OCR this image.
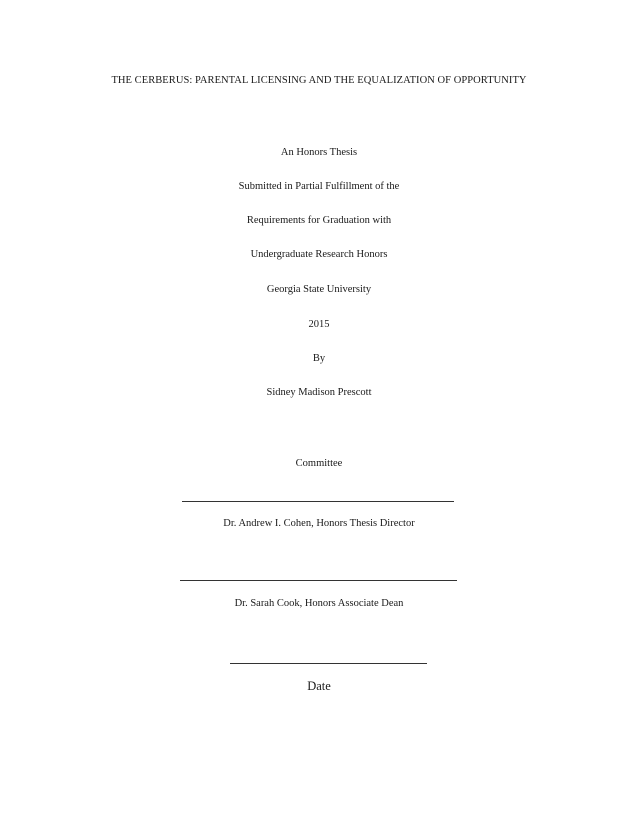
THE CERBERUS: PARENTAL LICENSING AND THE EQUALIZATION OF OPPORTUNITY
An Honors Thesis
Submitted in Partial Fulfillment of the
Requirements for Graduation with
Undergraduate Research Honors
Georgia State University
2015
By
Sidney Madison Prescott
Committee
Dr. Andrew I. Cohen, Honors Thesis Director
Dr. Sarah Cook, Honors Associate Dean
Date
